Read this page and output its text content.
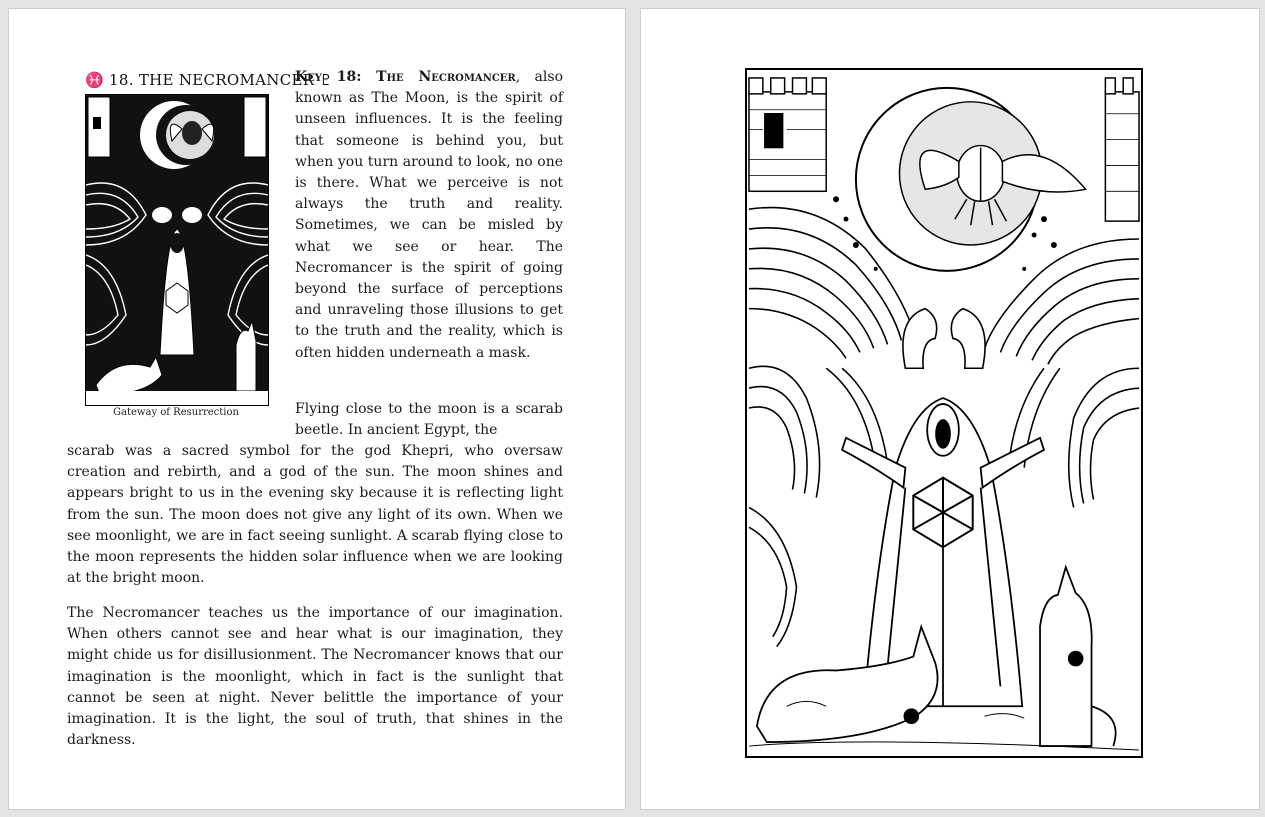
♓ 18. THE NECROMANCER ♇
Gateway of Resurrection

Key 18: The Necromancer, also known as The Moon, is the spirit of unseen influences. It is the feeling that someone is behind you, but when you turn around to look, no one is there. What we perceive is not always the truth and reality. Sometimes, we can be misled by what we see or hear. The Necromancer is the spirit of going beyond the surface of perceptions and unraveling those illusions to get to the truth and the reality, which is often hidden underneath a mask.

Flying close to the moon is a scarab beetle. In ancient Egypt, the

scarab was a sacred symbol for the god Khepri, who oversaw creation and rebirth, and a god of the sun. The moon shines and appears bright to us in the evening sky because it is reflecting light from the sun. The moon does not give any light of its own. When we see moonlight, we are in fact seeing sunlight. A scarab flying close to the moon represents the hidden solar influence when we are looking at the bright moon.

The Necromancer teaches us the importance of our imagination. When others cannot see and hear what is our imagination, they might chide us for disillusionment. The Necromancer knows that our imagination is the moonlight, which in fact is the sunlight that cannot be seen at night. Never belittle the importance of your imagination. It is the light, the soul of truth, that shines in the darkness.
